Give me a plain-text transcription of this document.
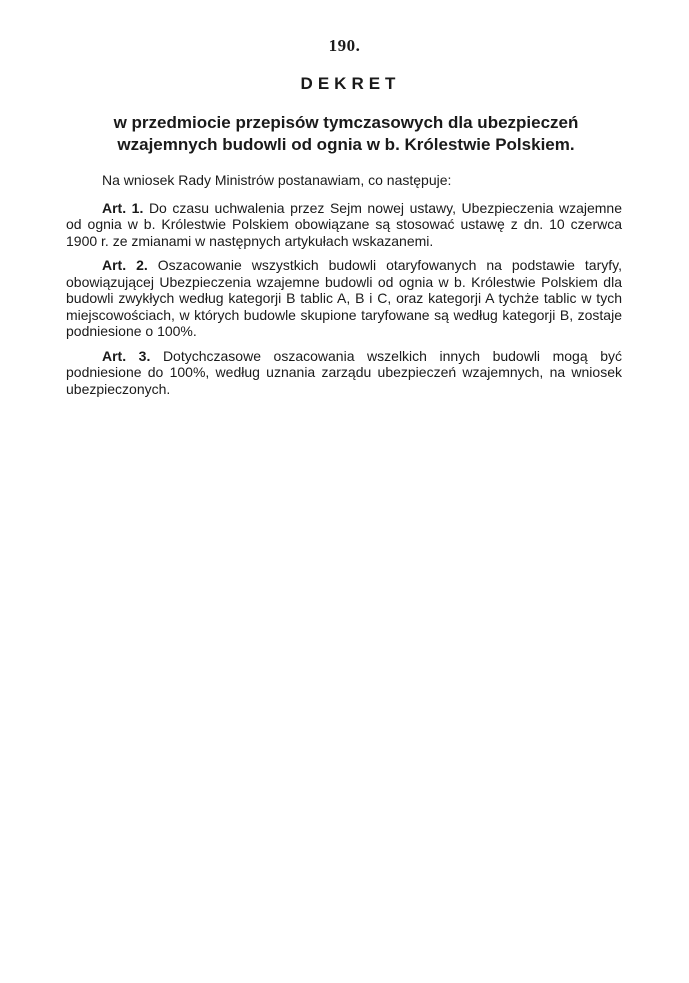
190.
DEKRET
w przedmiocie przepisów tymczasowych dla ubezpieczeń wzajemnych budowli od ognia w b. Królestwie Polskiem.

Na wniosek Rady Ministrów postanawiam, co następuje:

Art. 1. Do czasu uchwalenia przez Sejm nowej ustawy, Ubezpieczenia wzajemne od ognia w b. Królestwie Polskiem obowiązane są stosować ustawę z dn. 10 czerwca 1900 r. ze zmianami w następnych artykułach wskazanemi.

Art. 2. Oszacowanie wszystkich budowli otaryfowanych na podstawie taryfy, obowiązującej Ubezpieczenia wzajemne budowli od ognia w b. Królestwie Polskiem dla budowli zwykłych według kategorji B tablic A, B i C, oraz kategorji A tychże tablic w tych miejscowościach, w których budowle skupione taryfowane są według kategorji B, zostaje podniesione o 100%.

Art. 3. Dotychczasowe oszacowania wszelkich innych budowli mogą być podniesione do 100%, według uznania zarządu ubezpieczeń wzajemnych, na wniosek ubezpieczonych.
